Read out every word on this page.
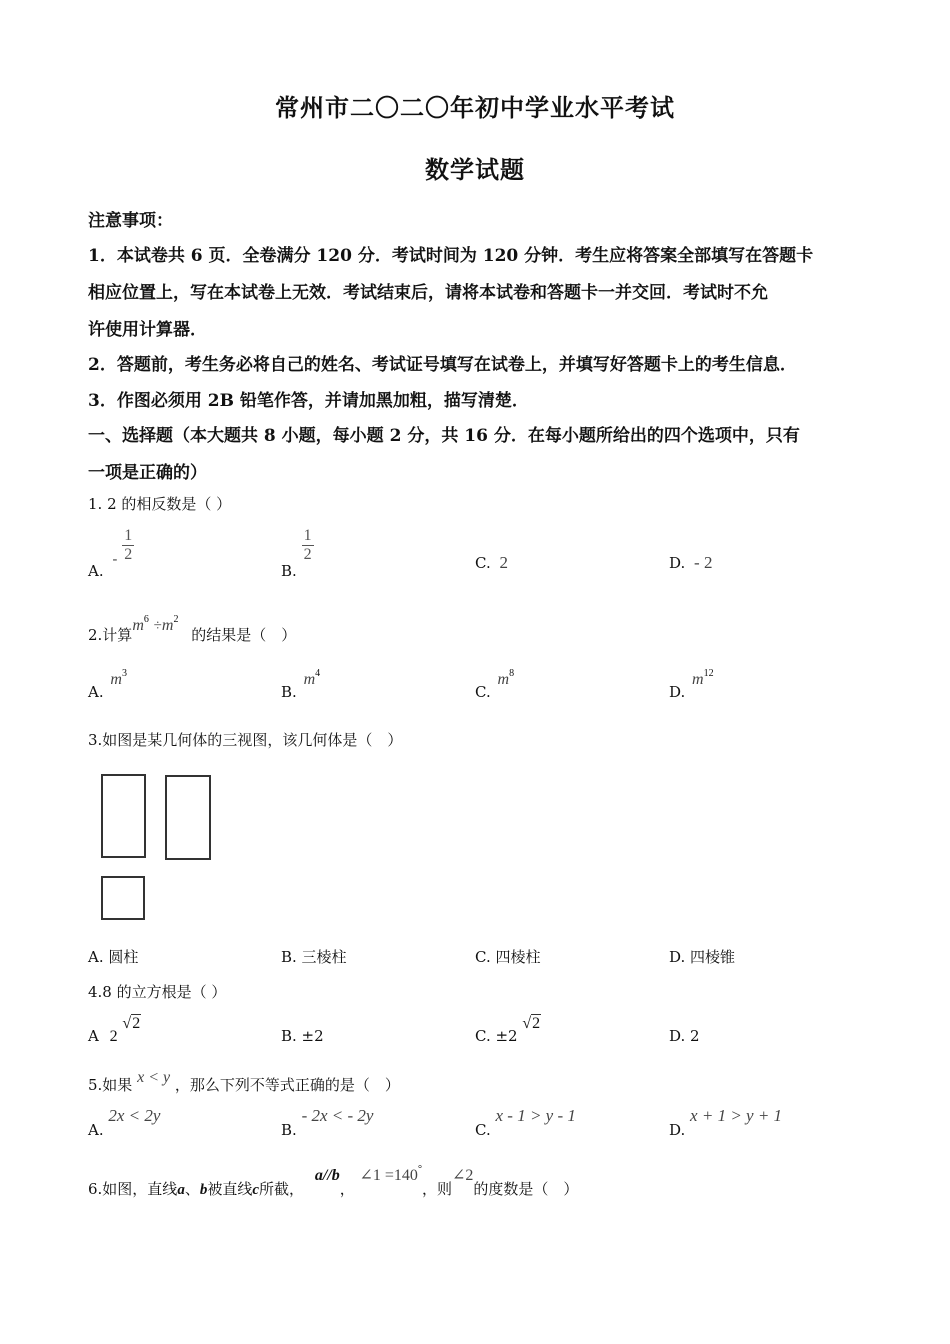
常州市二〇二〇年初中学业水平考试
数学试题
注意事项：
1．本试卷共 6 页．全卷满分 120 分．考试时间为 120 分钟．考生应将答案全部填写在答题卡
相应位置上，写在本试卷上无效．考试结束后，请将本试卷和答题卡一并交回．考试时不允
许使用计算器．
2．答题前，考生务必将自己的姓名、考试证号填写在试卷上，并填写好答题卡上的考生信息．
3．作图必须用 2B 铅笔作答，并请加黑加粗，描写清楚．
一、选择题（本大题共 8 小题，每小题 2 分，共 16 分．在每小题所给出的四个选项中，只有
一项是正确的）
1. 2 的相反数是（ ）
A. - $\frac{1}{2}$
B.
$\frac{1}{2}$	C. 2	D. - 2
2.计算$m^6 \div m^2$ 的结果是（　）
A. $m^3$
B. $m^4$
C. $m^8$
D. $m^{12}$
3.如图是某几何体的三视图，该几何体是（　）
A. 圆柱	B. 三棱柱	C. 四棱柱	D. 四棱锥
4.8 的立方根是（ ）
A 2 √2
B. ±2	C. ±2 √2
D. 2
5.如果 x < y ，那么下列不等式正确的是（　）
A. 2x < 2y
B. - 2x < - 2y
C. x - 1 > y - 1
D. x + 1 > y + 1
6.如图，直线a、b被直线c所截， a//b， ∠1 =140°，则∠2的度数是（　）
